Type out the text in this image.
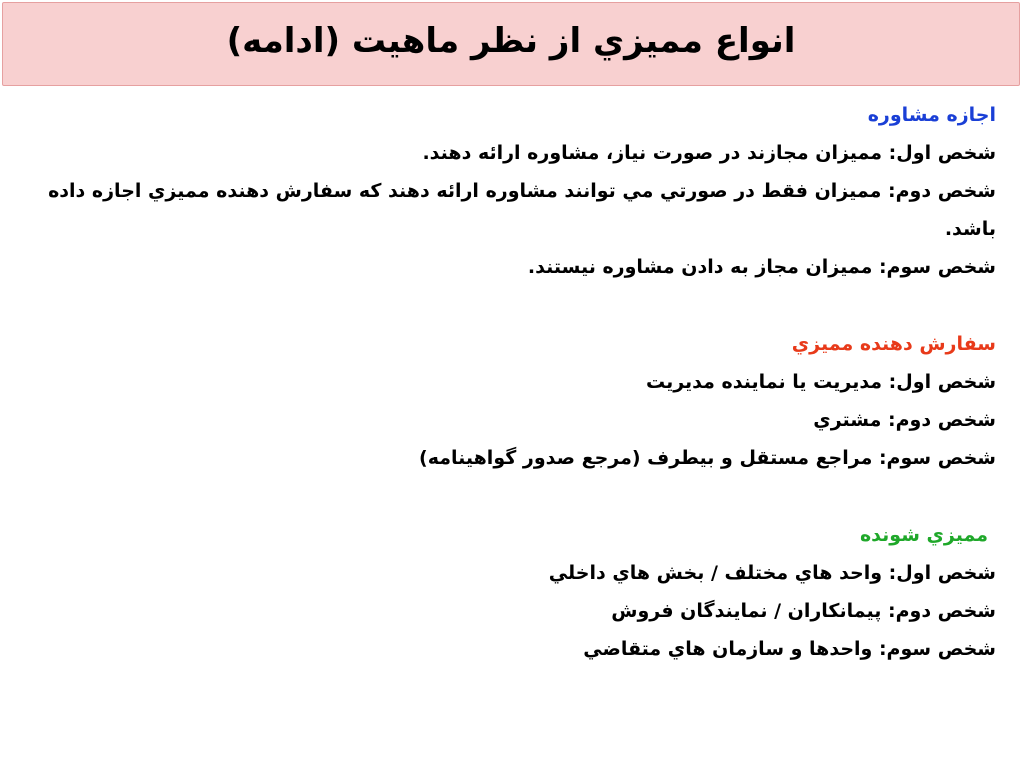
انواع مميزي از نظر ماهيت (ادامه)
اجازه مشاوره
شخص اول: مميزان مجازند در صورت نياز، مشاوره ارائه دهند.
شخص دوم: مميزان فقط در صورتي مي توانند مشاوره ارائه دهند كه سفارش دهنده مميزي اجازه داده باشد.
شخص سوم: مميزان مجاز به دادن مشاوره نيستند.
سفارش دهنده مميزي
شخص اول: مديريت يا نماينده مديريت
شخص دوم: مشتري
شخص سوم: مراجع مستقل و بيطرف (مرجع صدور گواهينامه)
مميزي شونده
شخص اول: واحد هاي مختلف / بخش هاي داخلي
شخص دوم: پيمانكاران / نمايندگان فروش
شخص سوم: واحدها و سازمان هاي متقاضي
